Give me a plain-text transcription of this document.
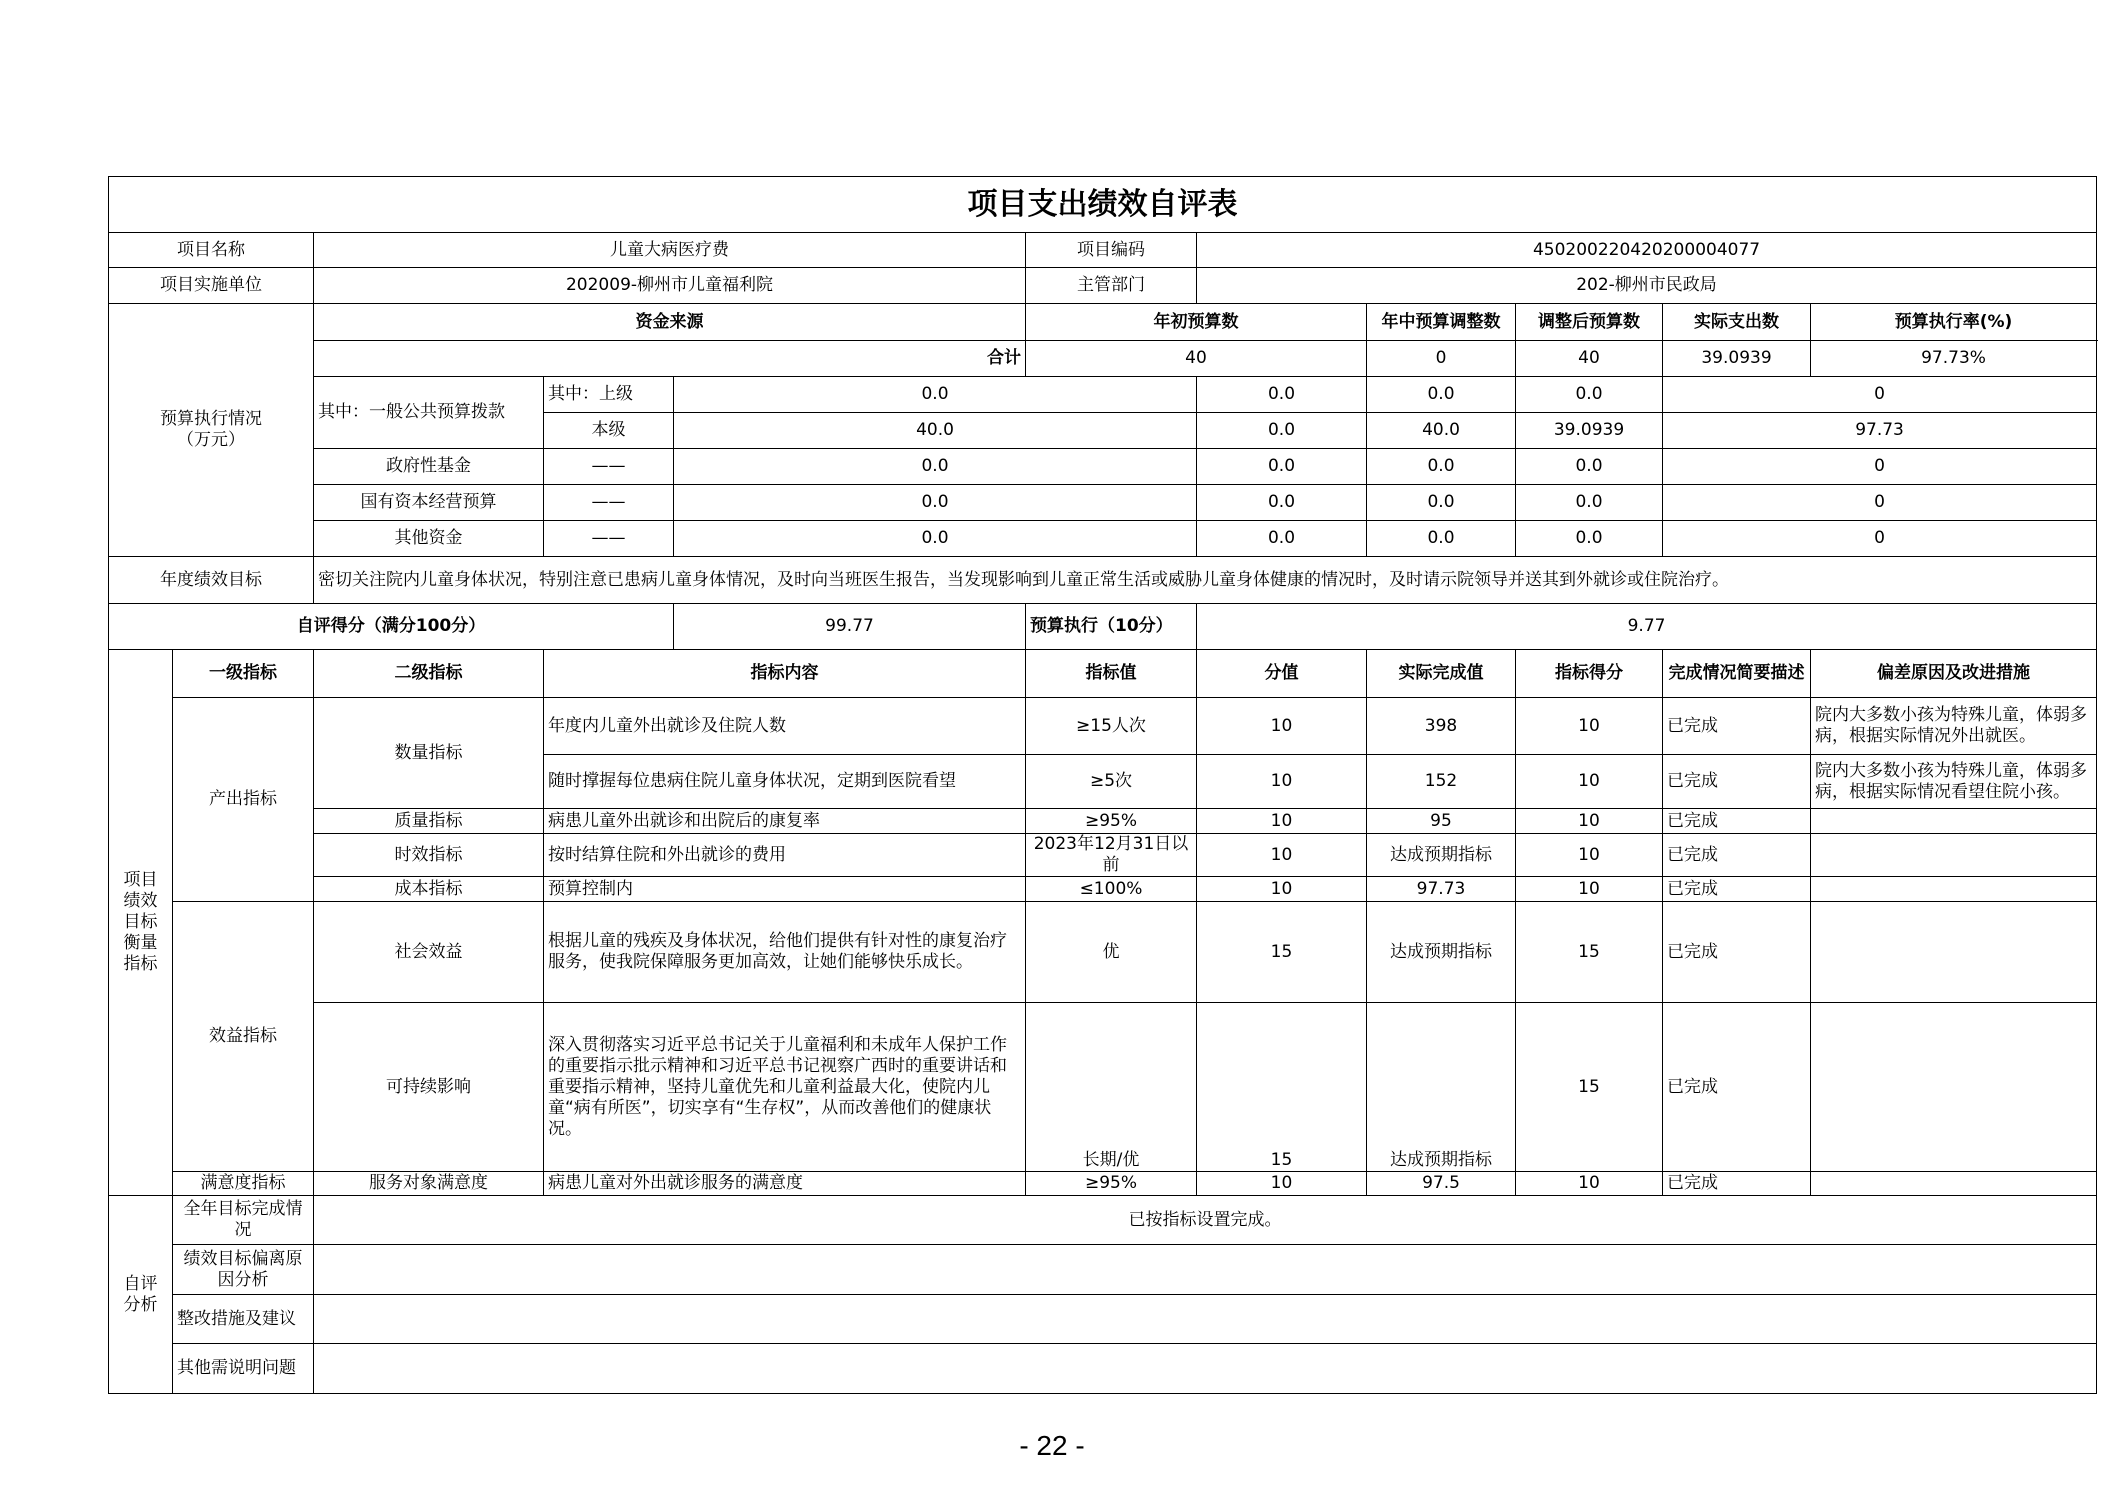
项目支出绩效自评表										
项目名称		儿童大病医疗费			项目编码	450200220420200004077				
项目实施单位		202009-柳州市儿童福利院			主管部门	202-柳州市民政局				
预算执行情况
（万元）		资金来源			年初预算数		年中预算调整数	调整后预算数	实际支出数	预算执行率(%)
		合计			40		0	40	39.0939	97.73%
		其中：一般公共预算拨款	其中：上级	0.0		0.0	0.0	0.0	0	
			本级	40.0		0.0	40.0	39.0939	97.73	
		政府性基金	——	0.0		0.0	0.0	0.0	0	
		国有资本经营预算	——	0.0		0.0	0.0	0.0	0	
		其他资金	——	0.0		0.0	0.0	0.0	0	

年度绩效目标		密切关注院内儿童身体状况，特别注意已患病儿童身体情况，及时向当班医生报告，当发现影响到儿童正常生活或威胁儿童身体健康的情况时，及时请示院领导并送其到外就诊或住院治疗。								
自评得分（满分100分）				99.77	预算执行（10分）	9.77				
项目
绩效
目标
衡量
指标	一级指标	二级指标	指标内容		指标值	分值	实际完成值	指标得分	完成情况简要描述	偏差原因及改进措施
	产出指标	数量指标	年度内儿童外出就诊及住院人数		≥15人次	10	398	10	已完成	院内大多数小孩为特殊儿童，体弱多病，根据实际情况外出就医。
			随时撑握每位患病住院儿童身体状况，定期到医院看望		≥5次	10	152	10	已完成	院内大多数小孩为特殊儿童，体弱多病，根据实际情况看望住院小孩。
		质量指标	病患儿童外出就诊和出院后的康复率		≥95%	10	95	10	已完成	
		时效指标	按时结算住院和外出就诊的费用		2023年12月31日以前	10	达成预期指标	10	已完成	
		成本指标	预算控制内		≤100%	10	97.73	10	已完成	
	效益指标	社会效益	根据儿童的残疾及身体状况，给他们提供有针对性的康复治疗服务，使我院保障服务更加高效，让她们能够快乐成长。		优	15	达成预期指标	15	已完成	
		可持续影响	深入贯彻落实习近平总书记关于儿童福利和未成年人保护工作的重要指示批示精神和习近平总书记视察广西时的重要讲话和重要指示精神，坚持儿童优先和儿童利益最大化，使院内儿童“病有所医”，切实享有“生存权”，从而改善他们的健康状况。		长期/优	15	达成预期指标	15	已完成	
	满意度指标	服务对象满意度	病患儿童对外出就诊服务的满意度		≥95%	10	97.5	10	已完成	

自评
分析	全年目标完成情况	已按指标设置完成。								
	绩效目标偏离原因分析									
	整改措施及建议									
	其他需说明问题									
- 22 -
